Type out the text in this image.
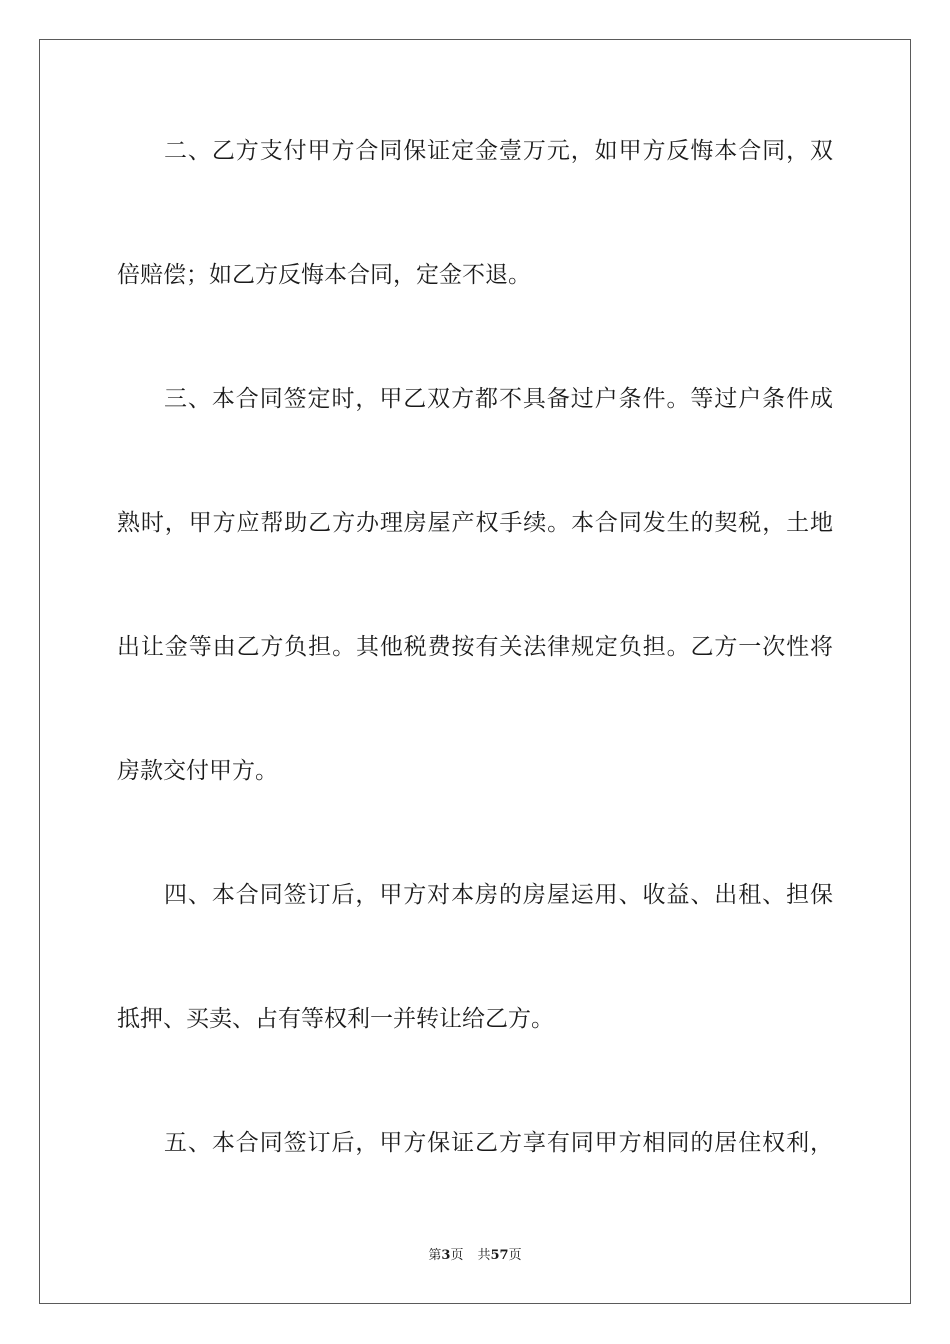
二、乙方支付甲方合同保证定金壹万元，如甲方反悔本合同，双
倍赔偿；如乙方反悔本合同，定金不退。
三、本合同签定时，甲乙双方都不具备过户条件。等过户条件成
熟时，甲方应帮助乙方办理房屋产权手续。本合同发生的契税，土地
出让金等由乙方负担。其他税费按有关法律规定负担。乙方一次性将
房款交付甲方。
四、本合同签订后，甲方对本房的房屋运用、收益、出租、担保
抵押、买卖、占有等权利一并转让给乙方。
五、本合同签订后，甲方保证乙方享有同甲方相同的居住权利，
第3页 共57页
